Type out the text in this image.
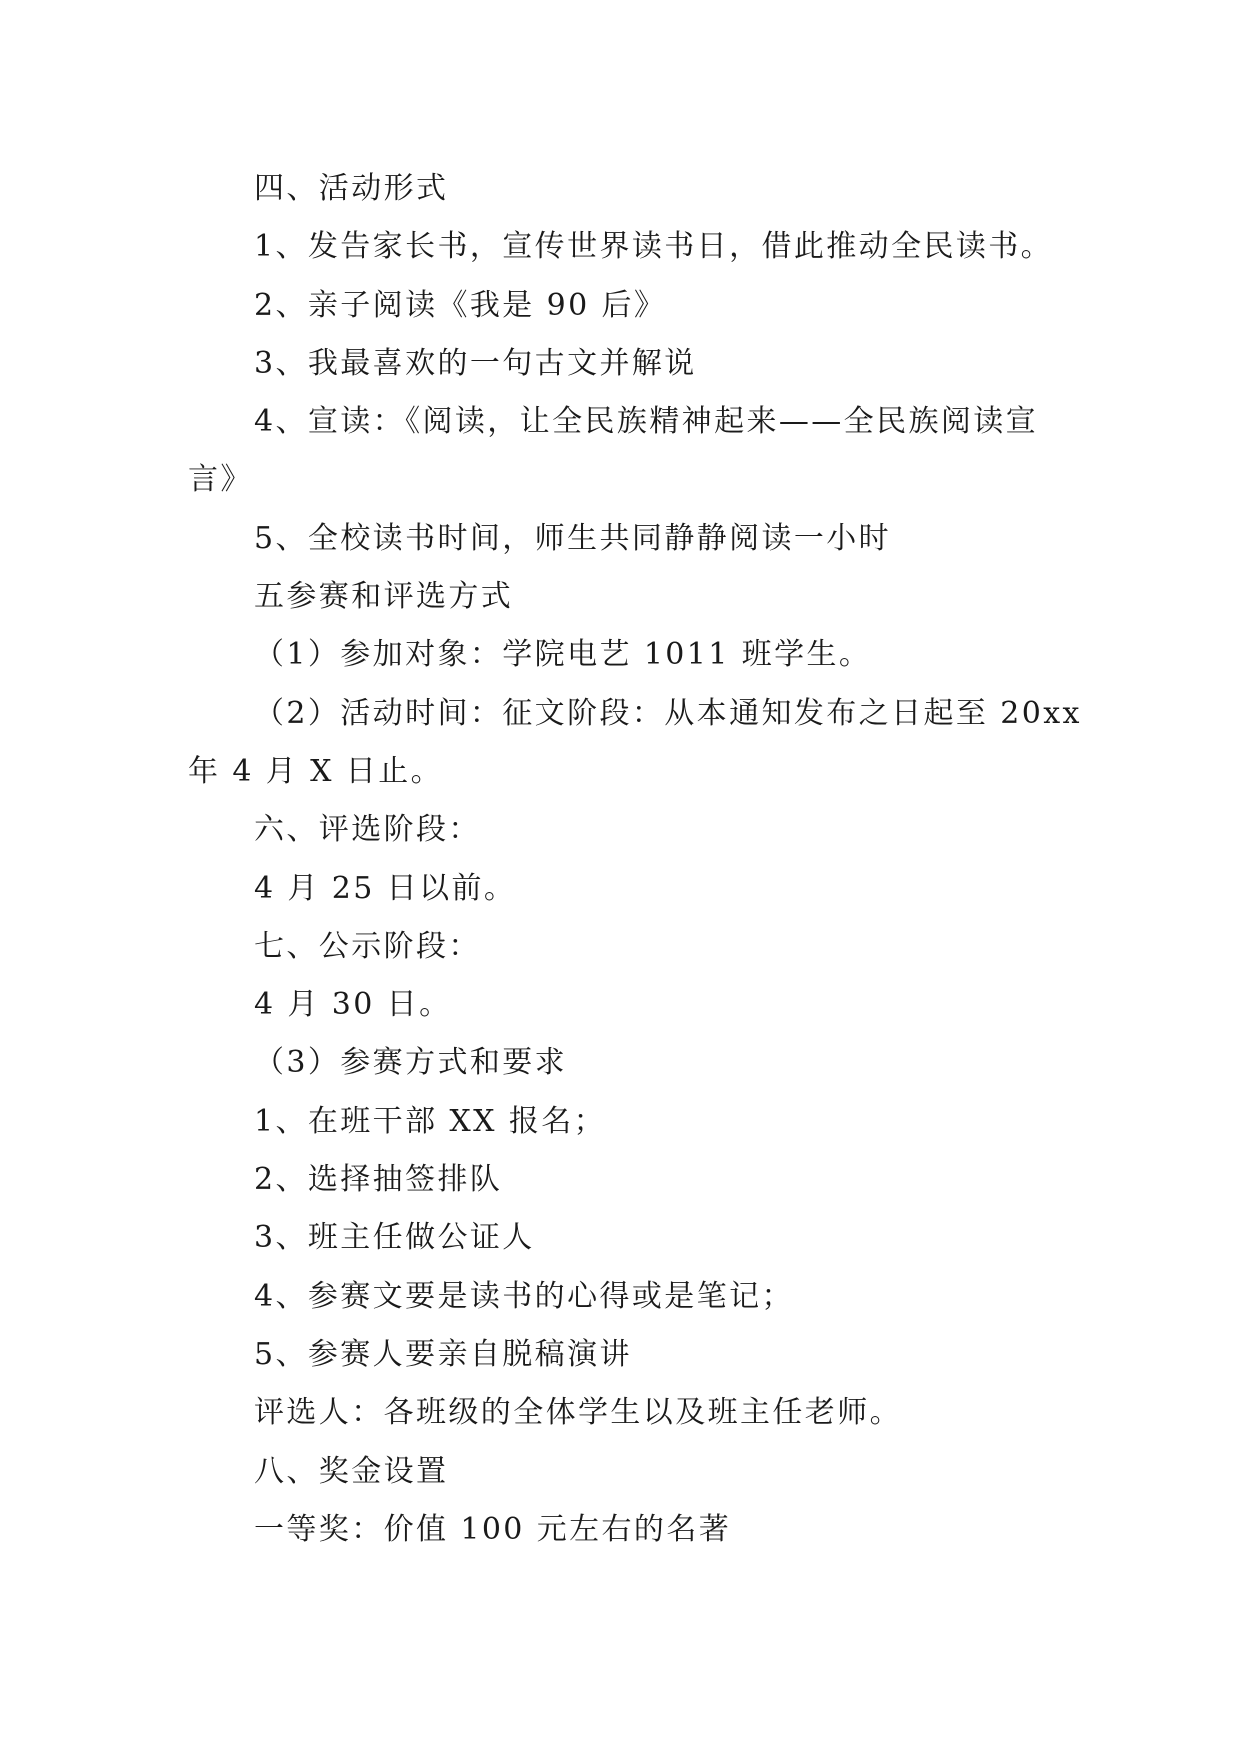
四、活动形式
1、发告家长书，宣传世界读书日，借此推动全民读书。
2、亲子阅读《我是 90 后》
3、我最喜欢的一句古文并解说
4、宣读：《阅读，让全民族精神起来——全民族阅读宣
言》
5、全校读书时间，师生共同静静阅读一小时
五参赛和评选方式
（1）参加对象：学院电艺 1011 班学生。
（2）活动时间：征文阶段：从本通知发布之日起至 20xx
年 4 月 X 日止。
六、评选阶段：
4 月 25 日以前。
七、公示阶段：
4 月 30 日。
（3）参赛方式和要求
1、在班干部 XX 报名；
2、选择抽签排队
3、班主任做公证人
4、参赛文要是读书的心得或是笔记；
5、参赛人要亲自脱稿演讲
评选人：各班级的全体学生以及班主任老师。
八、奖金设置
一等奖：价值 100 元左右的名著
